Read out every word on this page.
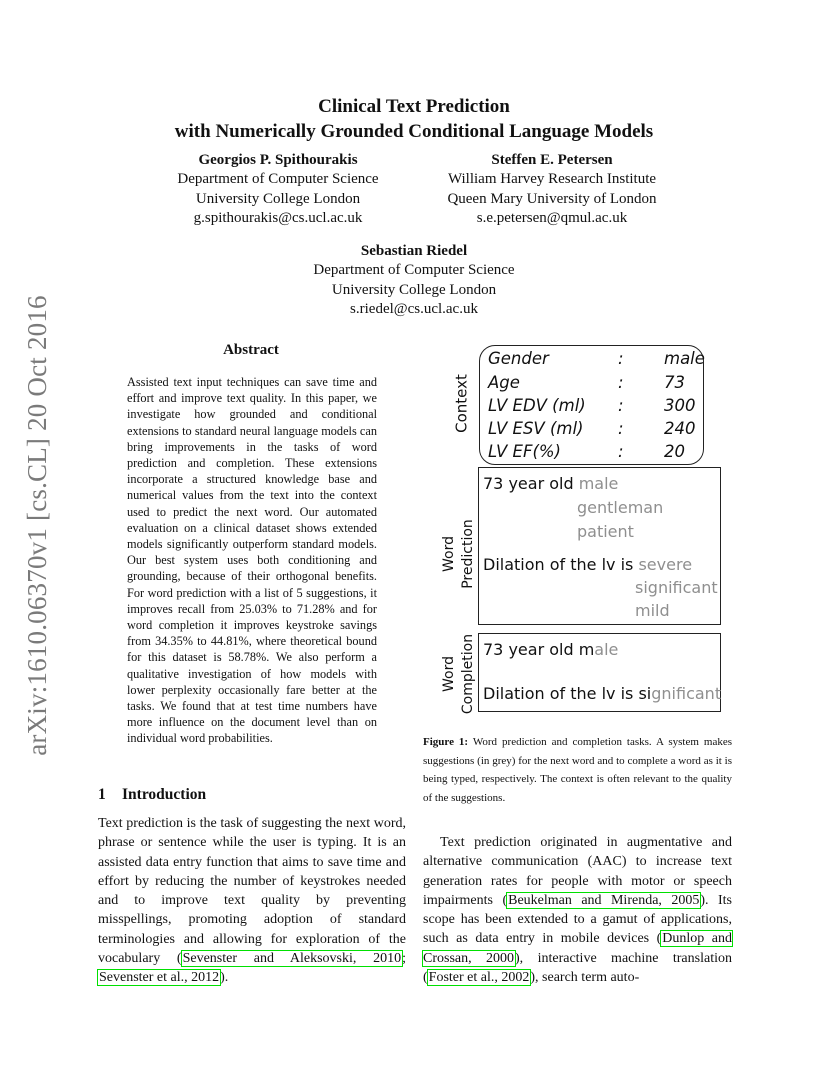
arXiv:1610.06370v1 [cs.CL] 20 Oct 2016
Clinical Text Prediction
with Numerically Grounded Conditional Language Models
Georgios P. Spithourakis
Department of Computer Science
University College London
g.spithourakis@cs.ucl.ac.uk
Steffen E. Petersen
William Harvey Research Institute
Queen Mary University of London
s.e.petersen@qmul.ac.uk
Sebastian Riedel
Department of Computer Science
University College London
s.riedel@cs.ucl.ac.uk
Abstract
Assisted text input techniques can save time and effort and improve text quality. In this paper, we investigate how grounded and conditional extensions to standard neural language models can bring improvements in the tasks of word prediction and completion. These extensions incorporate a structured knowledge base and numerical values from the text into the context used to predict the next word. Our automated evaluation on a clinical dataset shows extended models significantly outperform standard models. Our best system uses both conditioning and grounding, because of their orthogonal benefits. For word prediction with a list of 5 suggestions, it improves recall from 25.03% to 71.28% and for word completion it improves keystroke savings from 34.35% to 44.81%, where theoretical bound for this dataset is 58.78%. We also perform a qualitative investigation of how models with lower perplexity occasionally fare better at the tasks. We found that at test time numbers have more influence on the document level than on individual word probabilities.
1 Introduction
Text prediction is the task of suggesting the next word, phrase or sentence while the user is typing. It is an assisted data entry function that aims to save time and effort by reducing the number of keystrokes needed and to improve text quality by preventing misspellings, promoting adoption of standard terminologies and allowing for exploration of the vocabulary (Sevenster and Aleksovski, 2010; Sevenster et al., 2012).
Context
Gender	: male
Age	: 73
LV EDV (ml) : 300
LV ESV (ml) : 240
LV EF(%)	: 20
Word Prediction
73 year old male
gentleman
patient
Dilation of the lv is severe
significant
mild
Word Completion 73 year old male
Dilation of the lv is significant
Figure 1: Word prediction and completion tasks. A system makes suggestions (in grey) for the next word and to complete a word as it is being typed, respectively. The context is often relevant to the quality of the suggestions.
Text prediction originated in augmentative and alternative communication (AAC) to increase text generation rates for people with motor or speech impairments (Beukelman and Mirenda, 2005). Its scope has been extended to a gamut of applications, such as data entry in mobile devices (Dunlop and Crossan, 2000), interactive machine translation (Foster et al., 2002), search term auto-
